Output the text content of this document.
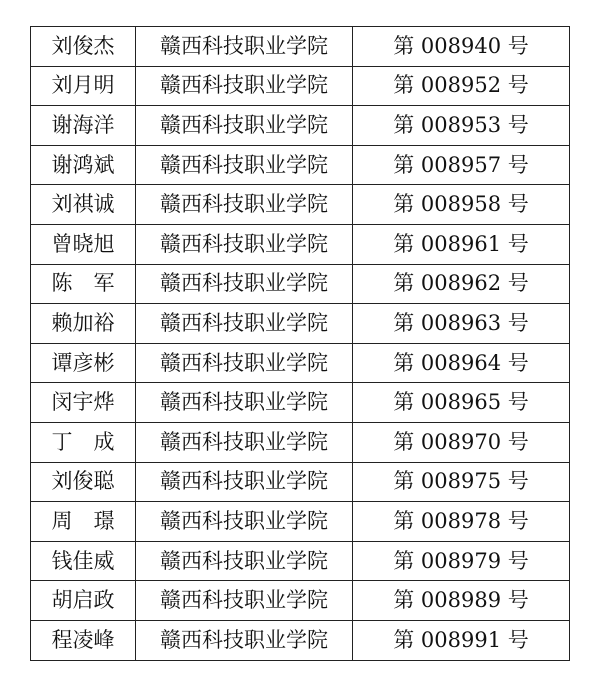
刘俊杰	赣西科技职业学院	第 008940 号
刘月明	赣西科技职业学院	第 008952 号
谢海洋	赣西科技职业学院	第 008953 号
谢鸿斌	赣西科技职业学院	第 008957 号
刘祺诚	赣西科技职业学院	第 008958 号
曾晓旭	赣西科技职业学院	第 008961 号
陈　军	赣西科技职业学院	第 008962 号
赖加裕	赣西科技职业学院	第 008963 号
谭彦彬	赣西科技职业学院	第 008964 号
闵宇烨	赣西科技职业学院	第 008965 号
丁　成	赣西科技职业学院	第 008970 号
刘俊聪	赣西科技职业学院	第 008975 号
周　璟	赣西科技职业学院	第 008978 号
钱佳威	赣西科技职业学院	第 008979 号
胡启政	赣西科技职业学院	第 008989 号
程凌峰	赣西科技职业学院	第 008991 号
